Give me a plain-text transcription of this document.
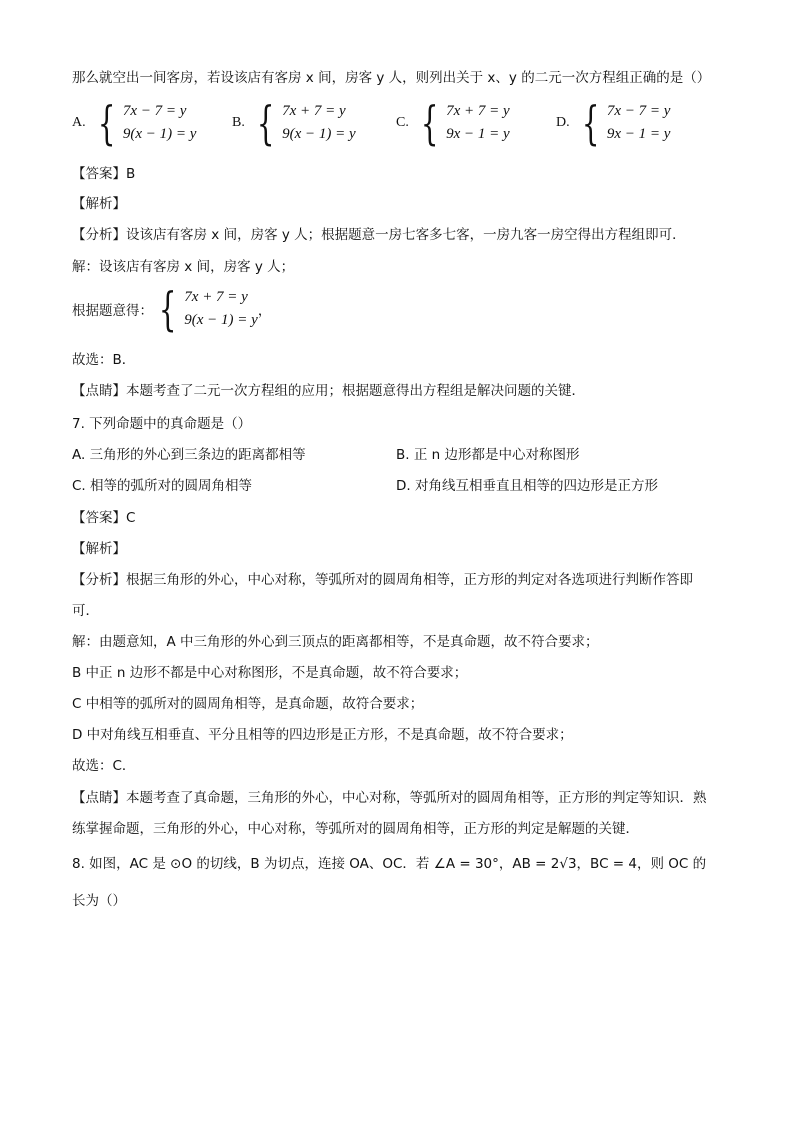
那么就空出一间客房，若设该店有客房 x 间，房客 y 人，则列出关于 x、y 的二元一次方程组正确的是（）
A. { 7x − 7 = y
9(x − 1) = y
B. { 7x + 7 = y
9(x − 1) = y
C. { 7x + 7 = y
9x − 1 = y
D. { 7x − 7 = y
9x − 1 = y
【答案】B
【解析】
【分析】设该店有客房 x 间，房客 y 人；根据题意一房七客多七客，一房九客一房空得出方程组即可．
解：设该店有客房 x 间，房客 y 人；
根据题意得： { 7x + 7 = y
9(x − 1) = y
，
故选：B．
【点睛】本题考查了二元一次方程组的应用；根据题意得出方程组是解决问题的关键．
7. 下列命题中的真命题是（）
A. 三角形的外心到三条边的距离都相等	B. 正 n 边形都是中心对称图形
C. 相等的弧所对的圆周角相等	D. 对角线互相垂直且相等的四边形是正方形
【答案】C
【解析】
【分析】根据三角形的外心，中心对称，等弧所对的圆周角相等，正方形的判定对各选项进行判断作答即
可．
解：由题意知，A 中三角形的外心到三顶点的距离都相等，不是真命题，故不符合要求；
B 中正 n 边形不都是中心对称图形，不是真命题，故不符合要求；
C 中相等的弧所对的圆周角相等，是真命题，故符合要求；
D 中对角线互相垂直、平分且相等的四边形是正方形，不是真命题，故不符合要求；
故选：C．
【点睛】本题考查了真命题，三角形的外心，中心对称，等弧所对的圆周角相等，正方形的判定等知识．熟
练掌握命题，三角形的外心，中心对称，等弧所对的圆周角相等，正方形的判定是解题的关键．
8. 如图，AC 是 ⊙O 的切线，B 为切点，连接 OA、OC．若 ∠A = 30°，AB = 2√3，BC = 4，则 OC 的
长为（）
